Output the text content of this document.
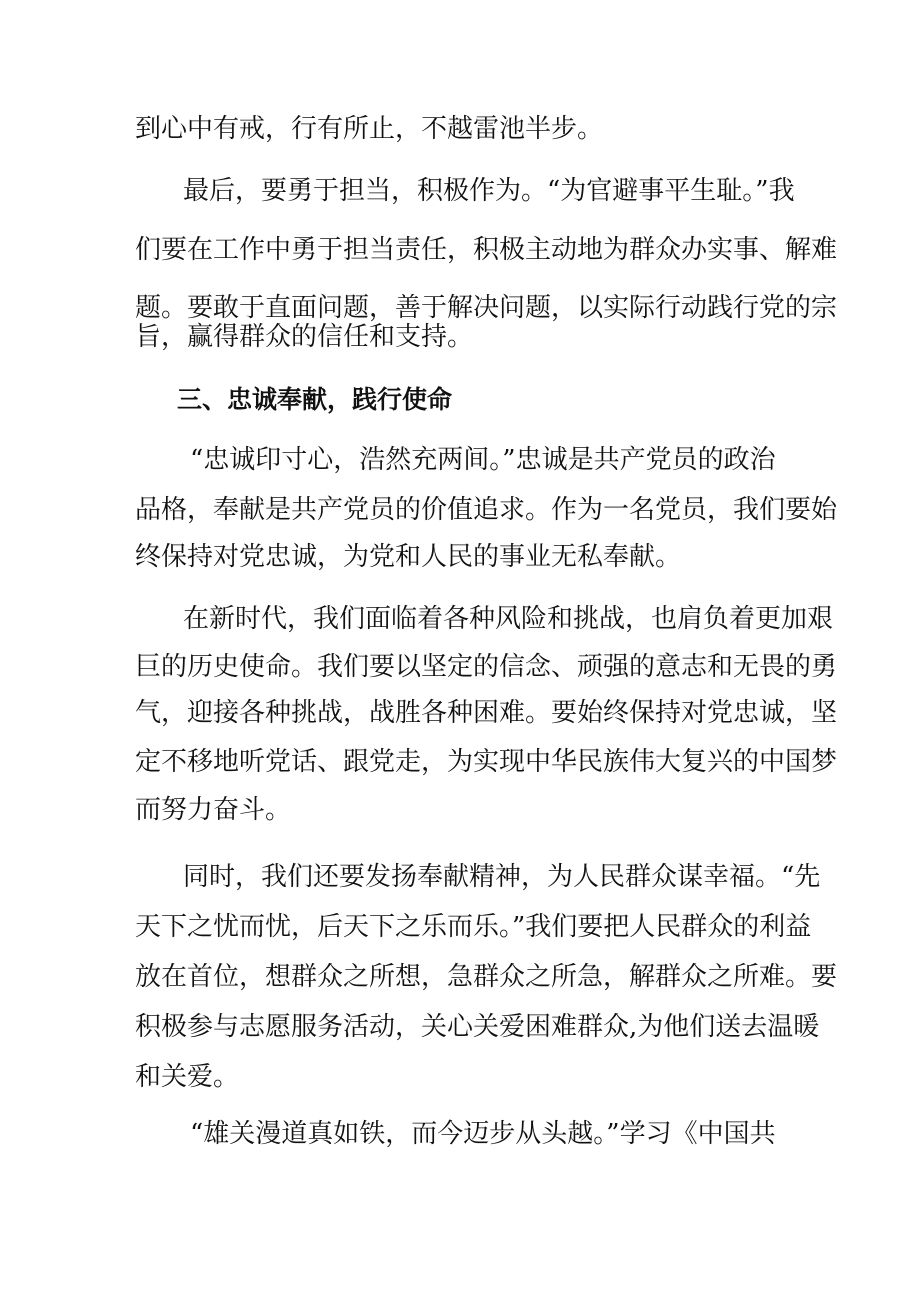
到心中有戒，行有所止，不越雷池半步。
最后，要勇于担当，积极作为。“为官避事平生耻。”我
们要在工作中勇于担当责任，积极主动地为群众办实事、解难
题。要敢于直面问题，善于解决问题，以实际行动践行党的宗
旨，赢得群众的信任和支持。
三、忠诚奉献，践行使命
“忠诚印寸心，浩然充两间。”忠诚是共产党员的政治
品格，奉献是共产党员的价值追求。作为一名党员，我们要始
终保持对党忠诚，为党和人民的事业无私奉献。
在新时代，我们面临着各种风险和挑战，也肩负着更加艰
巨的历史使命。我们要以坚定的信念、顽强的意志和无畏的勇
气，迎接各种挑战，战胜各种困难。要始终保持对党忠诚，坚
定不移地听党话、跟党走，为实现中华民族伟大复兴的中国梦
而努力奋斗。
同时，我们还要发扬奉献精神，为人民群众谋幸福。“先
天下之忧而忧，后天下之乐而乐。”我们要把人民群众的利益
放在首位，想群众之所想，急群众之所急，解群众之所难。要
积极参与志愿服务活动，关心关爱困难群众,为他们送去温暖
和关爱。
“雄关漫道真如铁，而今迈步从头越。”学习《中国共
